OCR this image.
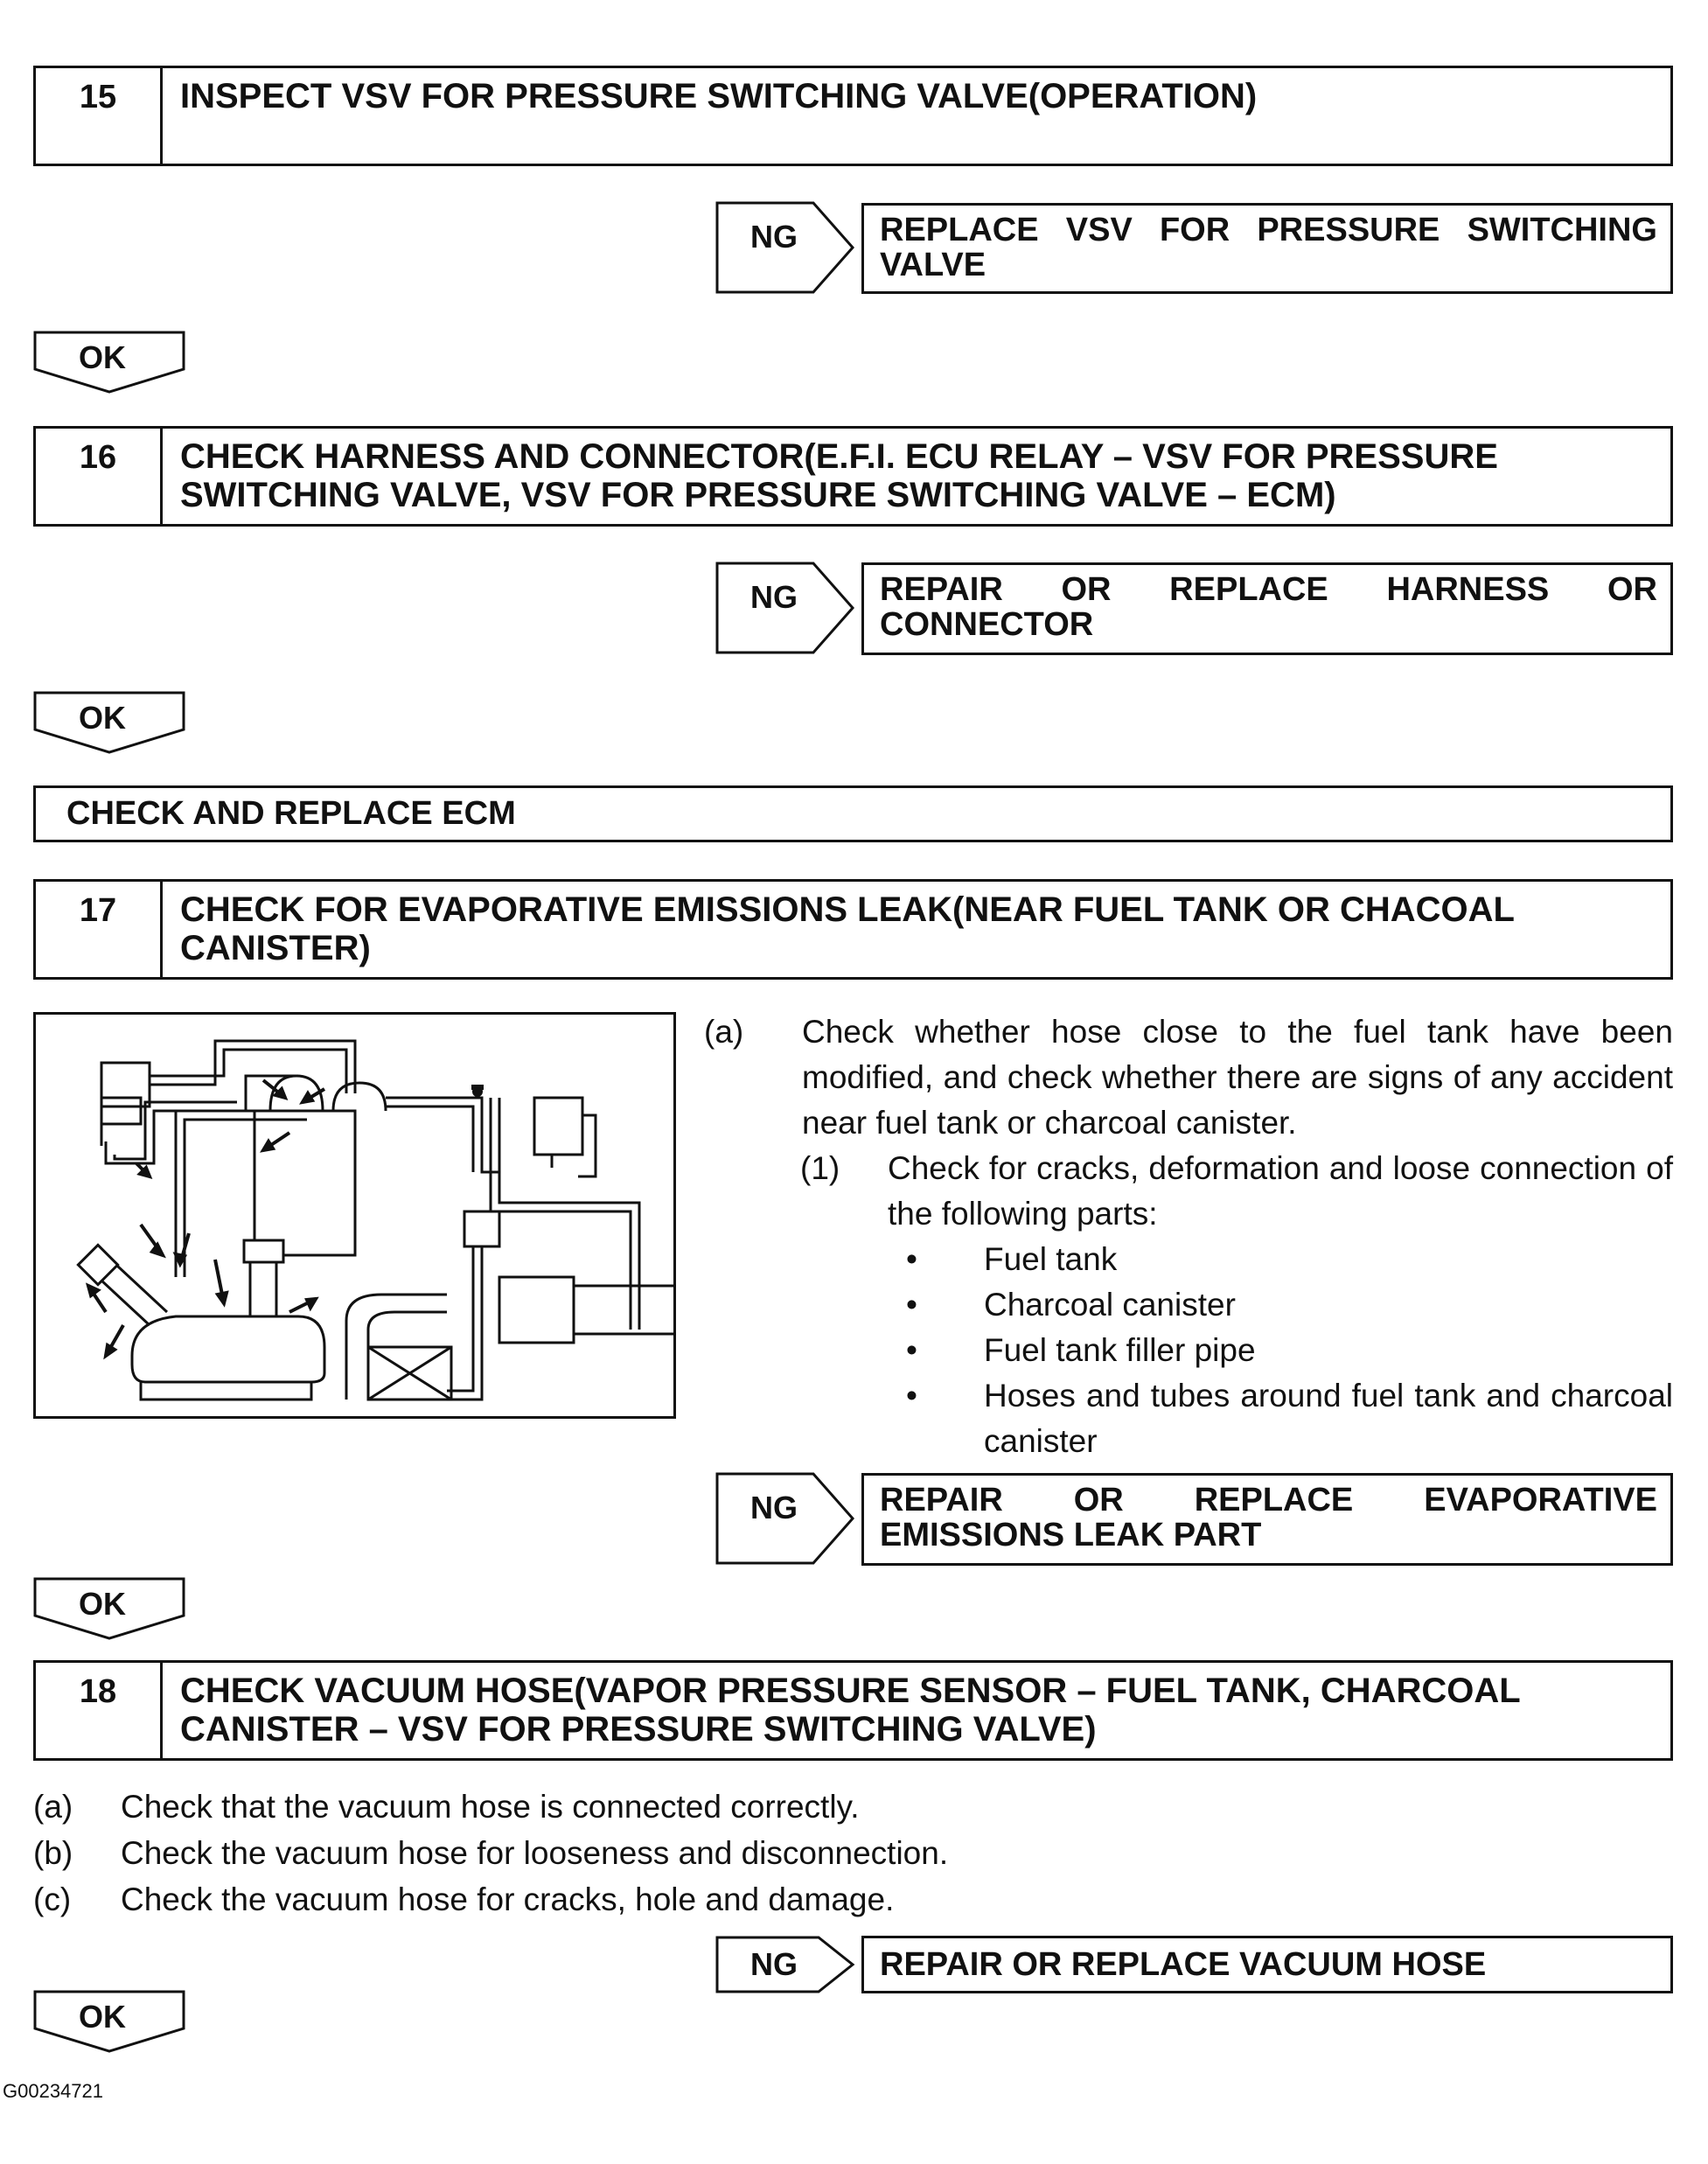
15	INSPECT VSV FOR PRESSURE SWITCHING VALVE(OPERATION)
NG	REPLACE VSV FOR PRESSURE SWITCHING VALVE
OK
16	CHECK HARNESS AND CONNECTOR(E.F.I. ECU RELAY – VSV FOR PRESSURE SWITCHING VALVE, VSV FOR PRESSURE SWITCHING VALVE – ECM)
NG	REPAIR OR REPLACE HARNESS OR CONNECTOR
OK
CHECK AND REPLACE ECM
17	CHECK FOR EVAPORATIVE EMISSIONS LEAK(NEAR FUEL TANK OR CHACOAL CANISTER)
(a) Check whether hose close to the fuel tank have been modified, and check whether there are signs of any accident near fuel tank or charcoal canister.
(1) Check for cracks, deformation and loose connection of the following parts:
• Fuel tank
• Charcoal canister
• Fuel tank filler pipe
• Hoses and tubes around fuel tank and charcoal canister
NG	REPAIR OR REPLACE EVAPORATIVE EMISSIONS LEAK PART
OK
18	CHECK VACUUM HOSE(VAPOR PRESSURE SENSOR – FUEL TANK, CHARCOAL CANISTER – VSV FOR PRESSURE SWITCHING VALVE)
(a) Check that the vacuum hose is connected correctly.
(b) Check the vacuum hose for looseness and disconnection.
(c) Check the vacuum hose for cracks, hole and damage.
NG	REPAIR OR REPLACE VACUUM HOSE
OK
G00234721
